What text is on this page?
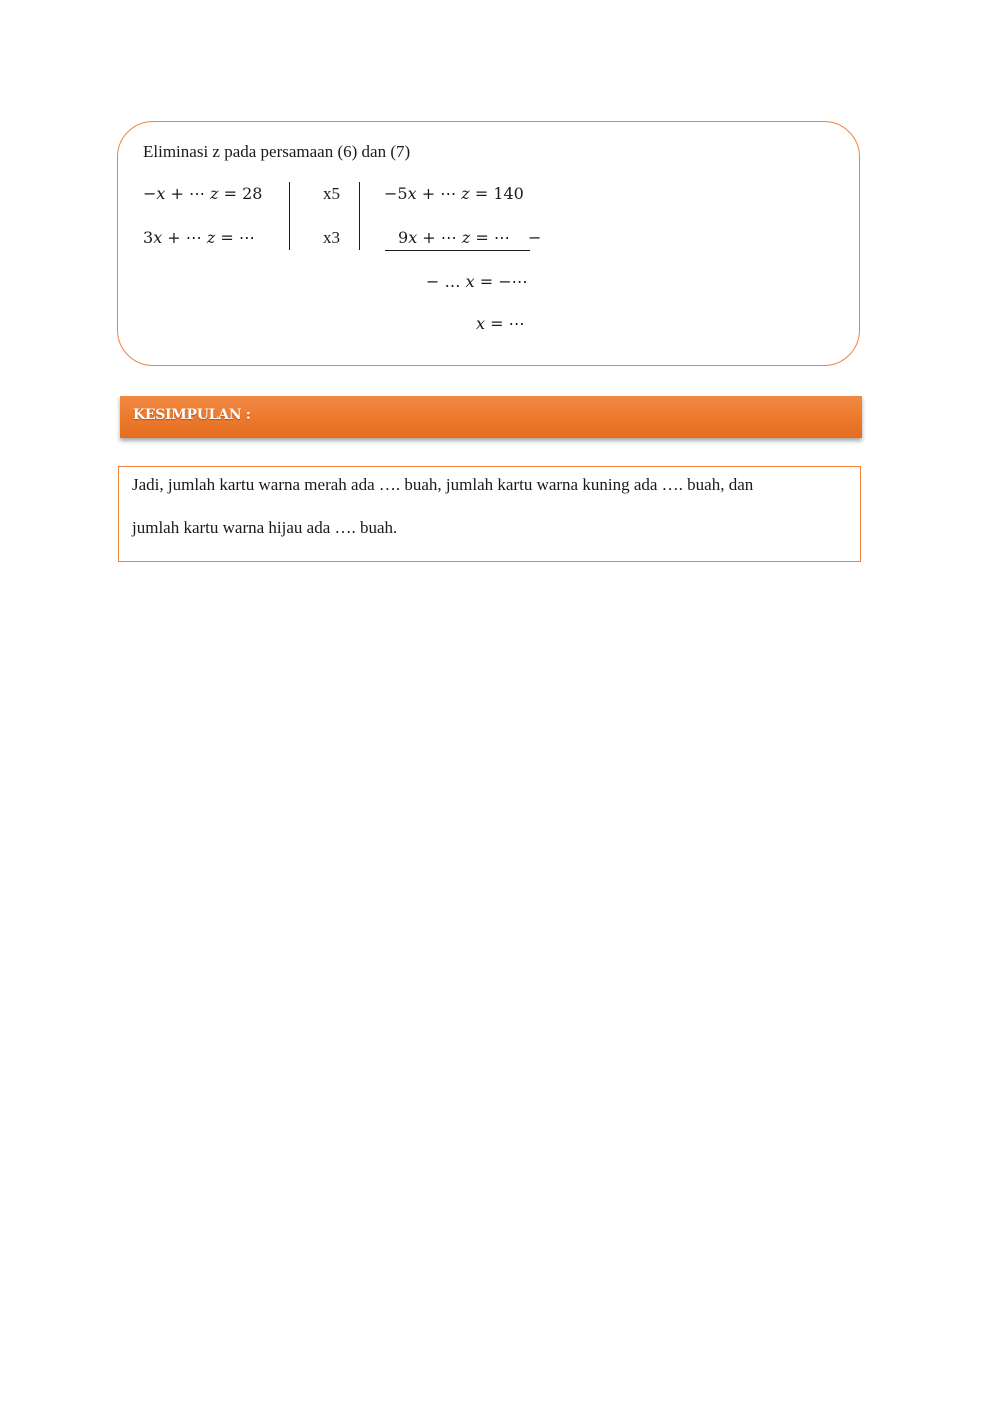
Eliminasi z pada persamaan (6) dan (7)
−x + ⋯ z = 28
3x + ⋯ z = ⋯
x5
x3
−5x + ⋯ z = 140
9x + ⋯ z = ⋯ −
− … x = −⋯
x = ⋯
KESIMPULAN :
Jadi, jumlah kartu warna merah ada …. buah, jumlah kartu warna kuning ada …. buah, dan
jumlah kartu warna hijau ada …. buah.
